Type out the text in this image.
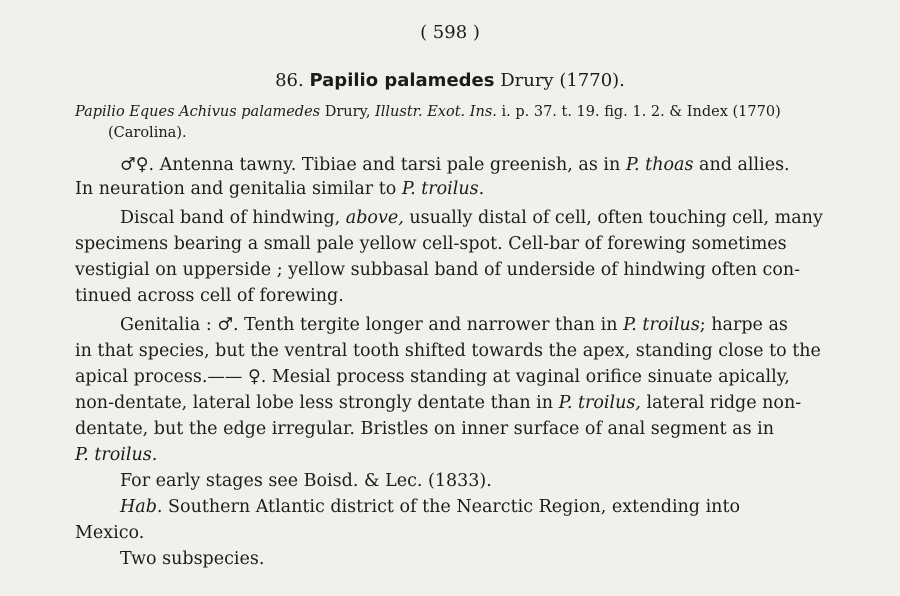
( 598 )
86. Papilio palamedes Drury (1770).
Papilio Eques Achivus palamedes Drury, Illustr. Exot. Ins. i. p. 37. t. 19. fig. 1. 2. & Index (1770)
(Carolina).
♂♀. Antenna tawny. Tibiae and tarsi pale greenish, as in P. thoas and allies.
In neuration and genitalia similar to P. troilus.
Discal band of hindwing, above, usually distal of cell, often touching cell, many
specimens bearing a small pale yellow cell-spot. Cell-bar of forewing sometimes
vestigial on upperside ; yellow subbasal band of underside of hindwing often con-
tinued across cell of forewing.
Genitalia : ♂. Tenth tergite longer and narrower than in P. troilus; harpe as
in that species, but the ventral tooth shifted towards the apex, standing close to the
apical process.—— ♀. Mesial process standing at vaginal orifice sinuate apically,
non-dentate, lateral lobe less strongly dentate than in P. troilus, lateral ridge non-
dentate, but the edge irregular. Bristles on inner surface of anal segment as in
P. troilus.
For early stages see Boisd. & Lec. (1833).
Hab. Southern Atlantic district of the Nearctic Region, extending into
Mexico.
Two subspecies.
